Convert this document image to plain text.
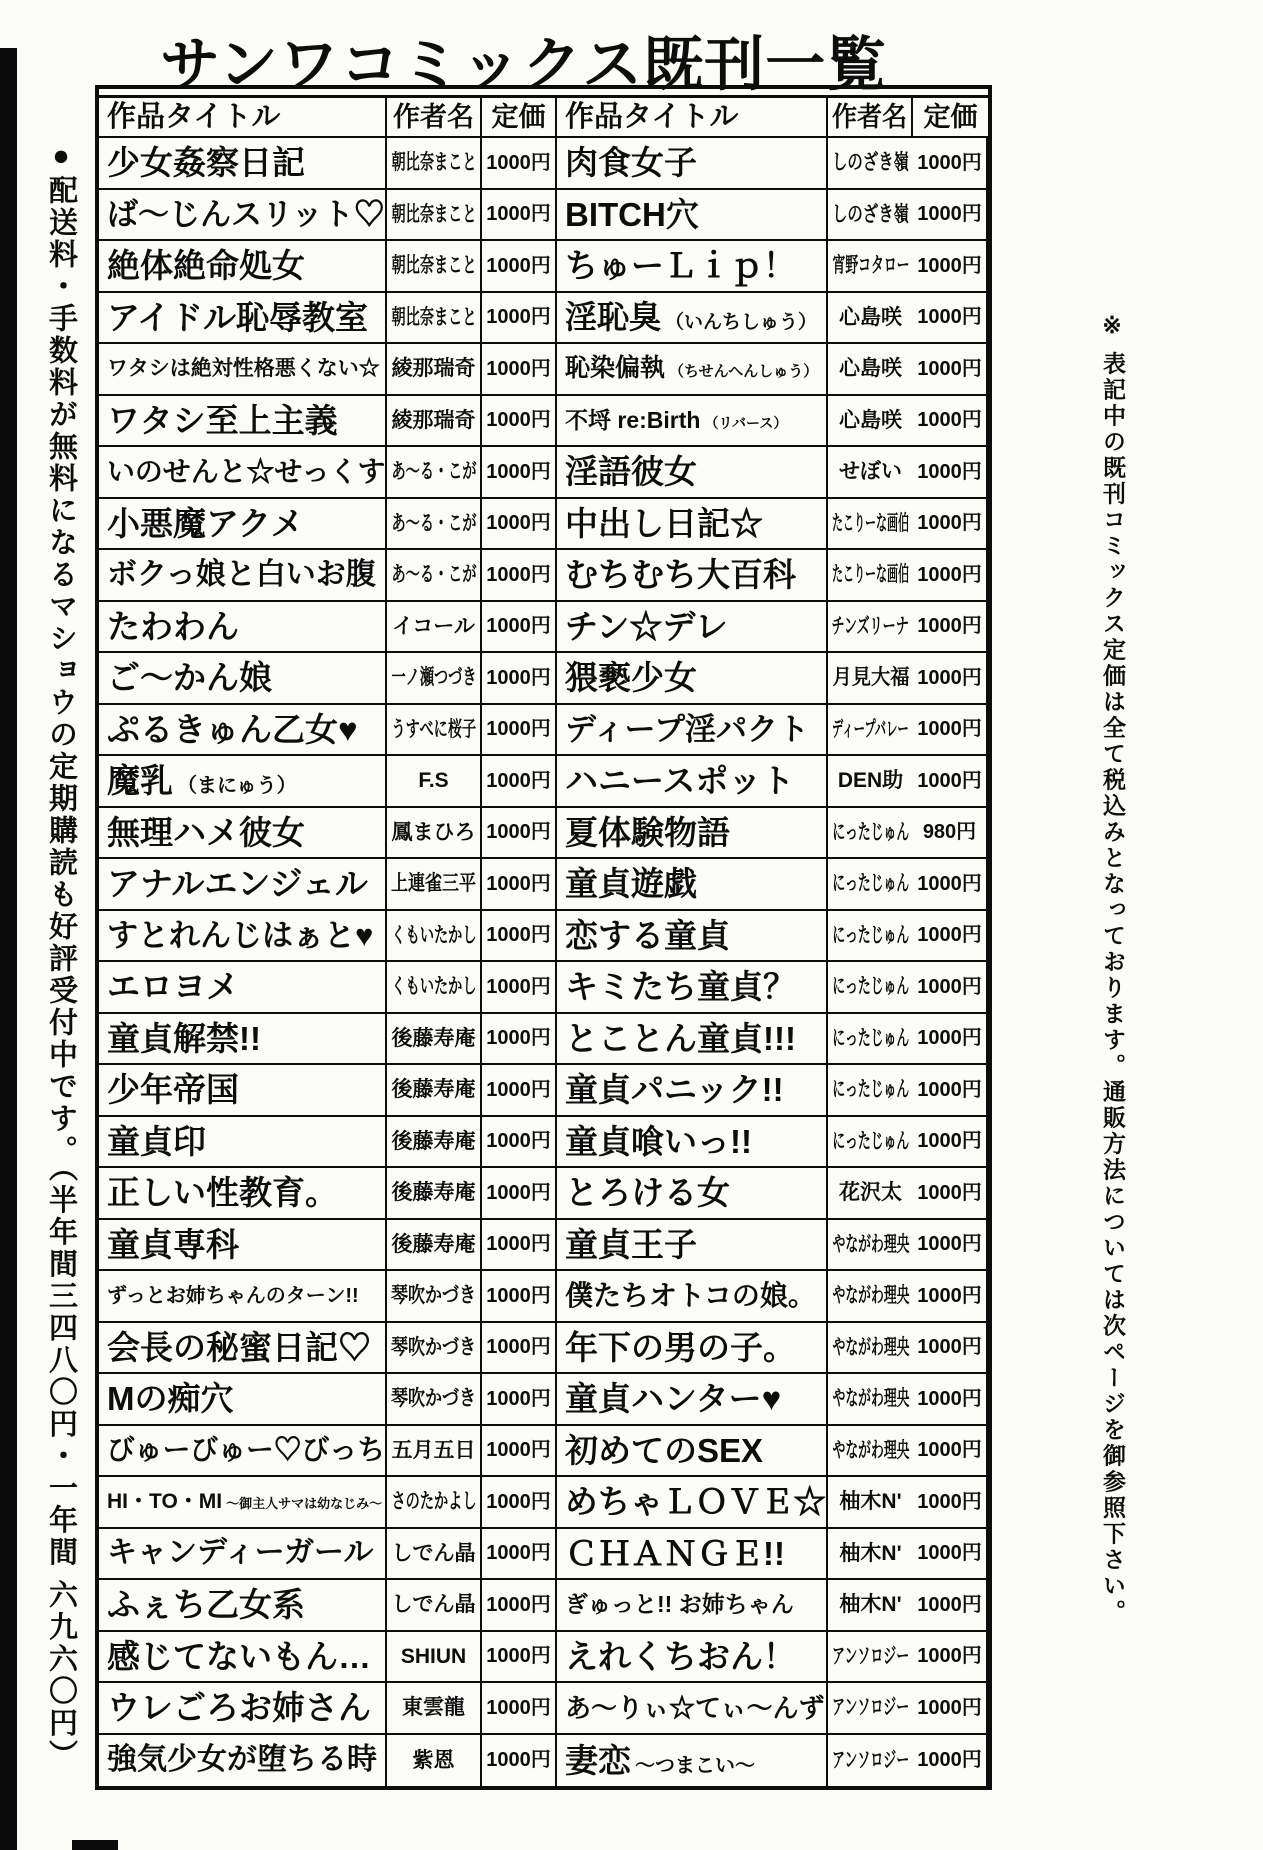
サンワコミックス既刊一覧
●配送料・手数料が無料になるマショウの定期購読も好評受付中です。（半年間三四八〇円・一年間 六九六〇円）	※ 表記中の既刊コミックス定価は全て税込みとなっております。通販方法については次ページを御参照下さい。
作品タイトル	作者名 定価
少女姦察日記	朝比奈まこと 1000円
ば〜じんスリット♡ 朝比奈まこと 1000円
絶体絶命処女	朝比奈まこと 1000円
アイドル恥辱教室 朝比奈まこと 1000円
ワタシは絶対性格悪くない☆ 綾那瑞奇 1000円
ワタシ至上主義	綾那瑞奇 1000円
いのせんと☆せっくす あ〜る・こが 1000円
小悪魔アクメ	あ〜る・こが 1000円
ボクっ娘と白いお腹 あ〜る・こが 1000円
たわわん	イコール 1000円
ご〜かん娘	一ノ瀬つづき 1000円
ぷるきゅん乙女♥ うすべに桜子 1000円
魔乳 （まにゅう）	F.S 1000円
無理ハメ彼女	鳳まひろ 1000円
アナルエンジェル 上連雀三平 1000円
すとれんじはぁと♥ くもいたかし 1000円
エロヨメ	くもいたかし 1000円
童貞解禁!!	後藤寿庵 1000円
少年帝国	後藤寿庵 1000円
童貞印	後藤寿庵 1000円
正しい性教育。	後藤寿庵 1000円
童貞専科	後藤寿庵 1000円
ずっとお姉ちゃんのターン!! 琴吹かづき 1000円
会長の秘蜜日記♡ 琴吹かづき 1000円
Mの痴穴	琴吹かづき 1000円
びゅーびゅー♡びっち 五月五日 1000円
HI・TO・MI 〜御主人サマは幼なじみ〜 さのたかよし 1000円
キャンディーガール しでん晶 1000円
ふぇち乙女系	しでん晶 1000円
感じてないもん… SHIUN 1000円
ウレごろお姉さん 東雲龍 1000円
強気少女が堕ちる時 紫恩 1000円
作品タイトル	作者名 定価
肉食女子	しのざき嶺 1000円
BITCH穴	しのざき嶺 1000円
ちゅーＬｉｐ！ 宵野コタロー 1000円
淫恥臭 （いんちしゅう） 心島咲 1000円
恥染偏執 （ちせんへんしゅう） 心島咲 1000円
不埒 re:Birth （リバース） 心島咲 1000円
淫語彼女	せぼい 1000円
中出し日記☆	たこりーな画伯 1000円
むちむち大百科 たこりーな画伯 1000円
チン☆デレ	チンズリーナ 1000円
猥褻少女	月見大福 1000円
ディープ淫パクト ディープバレー 1000円
ハニースポット DEN助 1000円
夏体験物語	にったじゅん 980円
童貞遊戯	にったじゅん 1000円
恋する童貞	にったじゅん 1000円
キミたち童貞？ にったじゅん 1000円
とことん童貞!!! にったじゅん 1000円
童貞パニック!! にったじゅん 1000円
童貞喰いっ!!	にったじゅん 1000円
とろける女	花沢太 1000円
童貞王子	やながわ理央 1000円
僕たちオトコの娘。 やながわ理央 1000円
年下の男の子。 やながわ理央 1000円
童貞ハンター♥ やながわ理央 1000円
初めてのSEX	やながわ理央 1000円
めちゃＬＯＶＥ☆ 柚木N' 1000円
ＣＨＡＮＧＥ!!	柚木N' 1000円
ぎゅっと!! お姉ちゃん 柚木N' 1000円
えれくちおん！ アンソロジー 1000円
あ〜りぃ☆てぃ〜んず アンソロジー 1000円
妻恋 〜つまこい〜	アンソロジー 1000円
